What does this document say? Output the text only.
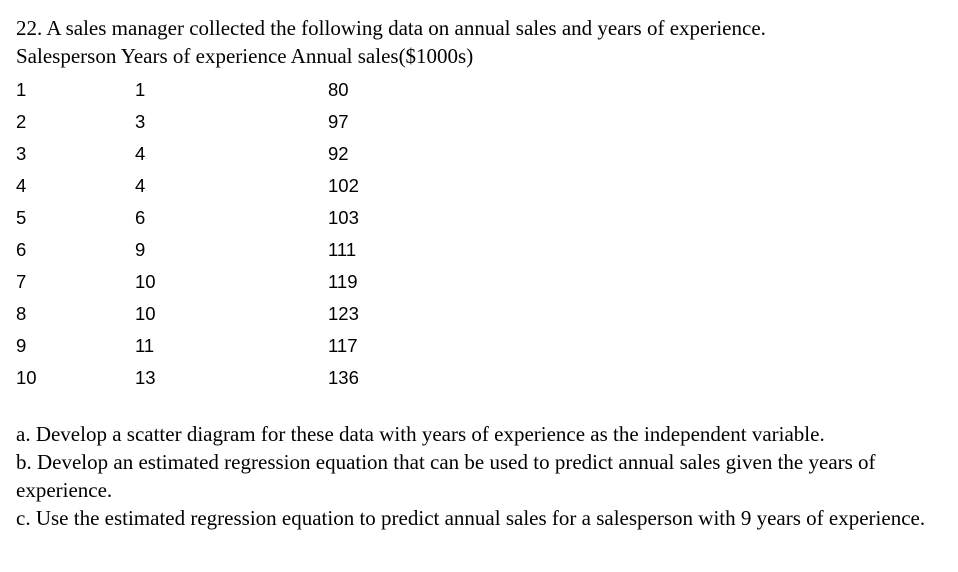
22. A sales manager collected the following data on annual sales and years of experience.
Salesperson Years of experience Annual sales($1000s)
1	1	80
2	3	97
3	4	92
4	4	102
5	6	103
6	9	111
7	10	119
8	10	123
9	11	117
10	13	136

a. Develop a scatter diagram for these data with years of experience as the independent variable.

b. Develop an estimated regression equation that can be used to predict annual sales given the years of experience.

c. Use the estimated regression equation to predict annual sales for a salesperson with 9 years of experience.
